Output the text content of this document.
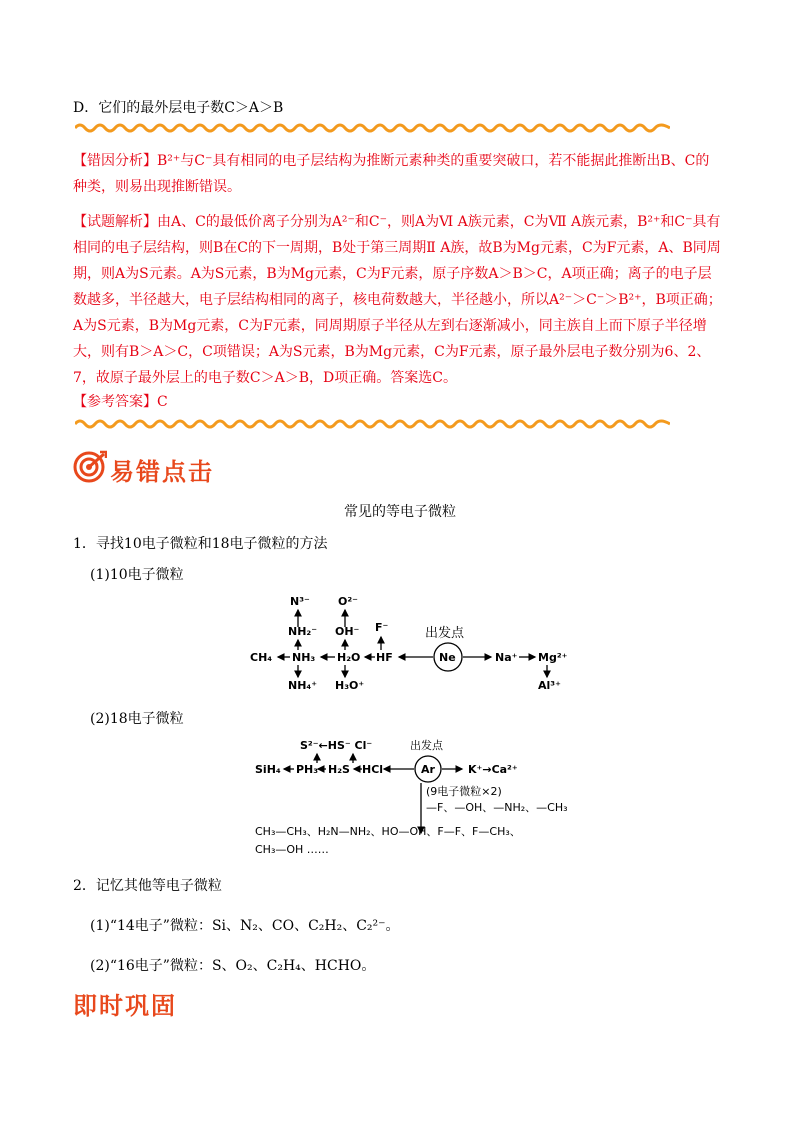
D．它们的最外层电子数C＞A＞B
【错因分析】B²⁺与C⁻具有相同的电子层结构为推断元素种类的重要突破口，若不能据此推断出B、C的种类，则易出现推断错误。
【试题解析】由A、C的最低价离子分别为A²⁻和C⁻，则A为Ⅵ A族元素，C为Ⅶ A族元素，B²⁺和C⁻具有相同的电子层结构，则B在C的下一周期，B处于第三周期Ⅱ A族，故B为Mg元素，C为F元素，A、B同周期，则A为S元素。A为S元素，B为Mg元素，C为F元素，原子序数A＞B＞C，A项正确；离子的电子层数越多，半径越大，电子层结构相同的离子，核电荷数越大，半径越小，所以A²⁻＞C⁻＞B²⁺，B项正确；A为S元素，B为Mg元素，C为F元素，同周期原子半径从左到右逐渐减小，同主族自上而下原子半径增大，则有B＞A＞C，C项错误；A为S元素，B为Mg元素，C为F元素，原子最外层电子数分别为6、2、7，故原子最外层上的电子数C＞A＞B，D项正确。答案选C。
【参考答案】C
易错点击
常见的等电子微粒
1．寻找10电子微粒和18电子微粒的方法
(1)10电子微粒
N³⁻
NH₂⁻
CH₄ NH₃
NH₄⁺
O²⁻
OH⁻
H₂O
H₃O⁺
F⁻
HF
出发点
Ne	Na⁺ Mg²⁺
Al³⁺
(2)18电子微粒
S²⁻←HS⁻ Cl⁻
SiH₄ PH₃ H₂S HCl
出发点
Ar	K⁺→Ca²⁺
(9电子微粒×2)
—F、—OH、—NH₂、—CH₃
CH₃—CH₃、H₂N—NH₂、HO—OH、F—F、F—CH₃、
CH₃—OH ……
2．记忆其他等电子微粒
(1)“14电子”微粒：Si、N₂、CO、C₂H₂、C₂²⁻。
(2)“16电子”微粒：S、O₂、C₂H₄、HCHO。
即时巩固
